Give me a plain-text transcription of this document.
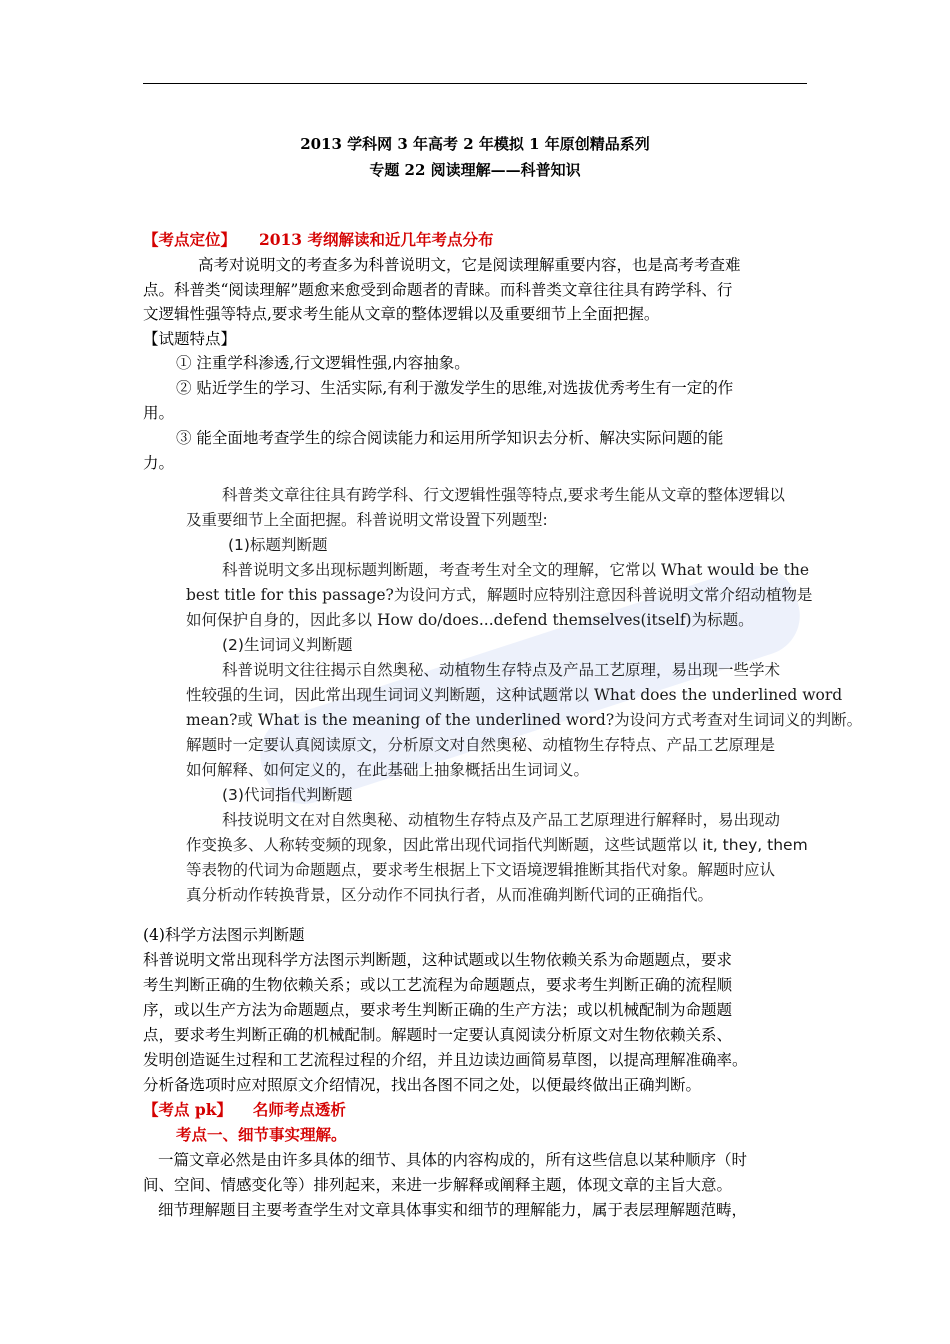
2013 学科网 3 年高考 2 年模拟 1 年原创精品系列
专题 22 阅读理解——科普知识
【考点定位】 2013 考纲解读和近几年考点分布
高考对说明文的考查多为科普说明文，它是阅读理解重要内容，也是高考考查难
点。科普类“阅读理解”题愈来愈受到命题者的青睐。而科普类文章往往具有跨学科、行
文逻辑性强等特点,要求考生能从文章的整体逻辑以及重要细节上全面把握。
【试题特点】
① 注重学科渗透,行文逻辑性强,内容抽象。
② 贴近学生的学习、生活实际,有利于激发学生的思维,对选拔优秀考生有一定的作
用。
③ 能全面地考查学生的综合阅读能力和运用所学知识去分析、解决实际问题的能
力。
科普类文章往往具有跨学科、行文逻辑性强等特点,要求考生能从文章的整体逻辑以
及重要细节上全面把握。科普说明文常设置下列题型:
(1)标题判断题
科普说明文多出现标题判断题，考查考生对全文的理解，它常以 What would be the
best title for this passage?为设问方式，解题时应特别注意因科普说明文常介绍动植物是
如何保护自身的，因此多以 How do/does...defend themselves(itself)为标题。
(2)生词词义判断题
科普说明文往往揭示自然奥秘、动植物生存特点及产品工艺原理，易出现一些学术
性较强的生词，因此常出现生词词义判断题，这种试题常以 What does the underlined word
mean?或 What is the meaning of the underlined word?为设问方式考查对生词词义的判断。
解题时一定要认真阅读原文，分析原文对自然奥秘、动植物生存特点、产品工艺原理是
如何解释、如何定义的，在此基础上抽象概括出生词词义。
(3)代词指代判断题
科技说明文在对自然奥秘、动植物生存特点及产品工艺原理进行解释时，易出现动
作变换多、人称转变频的现象，因此常出现代词指代判断题，这些试题常以 it, they, them
等表物的代词为命题题点，要求考生根据上下文语境逻辑推断其指代对象。解题时应认
真分析动作转换背景，区分动作不同执行者，从而准确判断代词的正确指代。
(4)科学方法图示判断题
科普说明文常出现科学方法图示判断题，这种试题或以生物依赖关系为命题题点，要求
考生判断正确的生物依赖关系；或以工艺流程为命题题点，要求考生判断正确的流程顺
序，或以生产方法为命题题点，要求考生判断正确的生产方法；或以机械配制为命题题
点，要求考生判断正确的机械配制。解题时一定要认真阅读分析原文对生物依赖关系、
发明创造诞生过程和工艺流程过程的介绍，并且边读边画简易草图，以提高理解准确率。
分析备选项时应对照原文介绍情况，找出各图不同之处，以便最终做出正确判断。
【考点 pk】 名师考点透析
考点一、细节事实理解。
一篇文章必然是由许多具体的细节、具体的内容构成的，所有这些信息以某种顺序（时
间、空间、情感变化等）排列起来，来进一步解释或阐释主题，体现文章的主旨大意。
细节理解题目主要考查学生对文章具体事实和细节的理解能力，属于表层理解题范畴，
